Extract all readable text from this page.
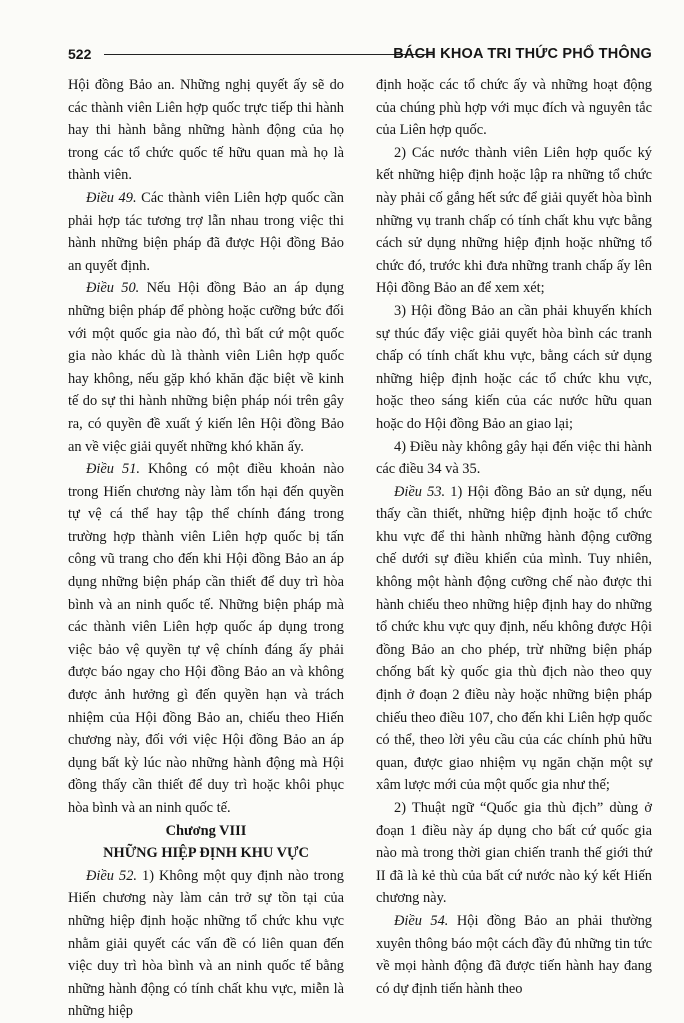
522	BÁCH KHOA TRI THỨC PHỔ THÔNG

Hội đồng Bảo an. Những nghị quyết ấy sẽ do các thành viên Liên hợp quốc trực tiếp thi hành hay thi hành bằng những hành động của họ trong các tổ chức quốc tế hữu quan mà họ là thành viên.

Điều 49. Các thành viên Liên hợp quốc cần phải hợp tác tương trợ lẫn nhau trong việc thi hành những biện pháp đã được Hội đồng Bảo an quyết định.

Điều 50. Nếu Hội đồng Bảo an áp dụng những biện pháp để phòng hoặc cưỡng bức đối với một quốc gia nào đó, thì bất cứ một quốc gia nào khác dù là thành viên Liên hợp quốc hay không, nếu gặp khó khăn đặc biệt về kinh tế do sự thi hành những biện pháp nói trên gây ra, có quyền đề xuất ý kiến lên Hội đồng Bảo an về việc giải quyết những khó khăn ấy.

Điều 51. Không có một điều khoản nào trong Hiến chương này làm tổn hại đến quyền tự vệ cá thể hay tập thể chính đáng trong trường hợp thành viên Liên hợp quốc bị tấn công vũ trang cho đến khi Hội đồng Bảo an áp dụng những biện pháp cần thiết để duy trì hòa bình và an ninh quốc tế. Những biện pháp mà các thành viên Liên hợp quốc áp dụng trong việc bảo vệ quyền tự vệ chính đáng ấy phải được báo ngay cho Hội đồng Bảo an và không được ảnh hưởng gì đến quyền hạn và trách nhiệm của Hội đồng Bảo an, chiếu theo Hiến chương này, đối với việc Hội đồng Bảo an áp dụng bất kỳ lúc nào những hành động mà Hội đồng thấy cần thiết để duy trì hoặc khôi phục hòa bình và an ninh quốc tế.

Chương VIII

NHỮNG HIỆP ĐỊNH KHU VỰC

Điều 52. 1) Không một quy định nào trong Hiến chương này làm cản trở sự tồn tại của những hiệp định hoặc những tổ chức khu vực nhằm giải quyết các vấn đề có liên quan đến việc duy trì hòa bình và an ninh quốc tế bằng những hành động có tính chất khu vực, miễn là những hiệp

định hoặc các tổ chức ấy và những hoạt động của chúng phù hợp với mục đích và nguyên tắc của Liên hợp quốc.

2) Các nước thành viên Liên hợp quốc ký kết những hiệp định hoặc lập ra những tổ chức này phải cố gắng hết sức để giải quyết hòa bình những vụ tranh chấp có tính chất khu vực bằng cách sử dụng những hiệp định hoặc những tổ chức đó, trước khi đưa những tranh chấp ấy lên Hội đồng Bảo an để xem xét;

3) Hội đồng Bảo an cần phải khuyến khích sự thúc đẩy việc giải quyết hòa bình các tranh chấp có tính chất khu vực, bằng cách sử dụng những hiệp định hoặc các tổ chức khu vực, hoặc theo sáng kiến của các nước hữu quan hoặc do Hội đồng Bảo an giao lại;

4) Điều này không gây hại đến việc thi hành các điều 34 và 35.

Điều 53. 1) Hội đồng Bảo an sử dụng, nếu thấy cần thiết, những hiệp định hoặc tổ chức khu vực để thi hành những hành động cưỡng chế dưới sự điều khiển của mình. Tuy nhiên, không một hành động cưỡng chế nào được thi hành chiếu theo những hiệp định hay do những tổ chức khu vực quy định, nếu không được Hội đồng Bảo an cho phép, trừ những biện pháp chống bất kỳ quốc gia thù địch nào theo quy định ở đoạn 2 điều này hoặc những biện pháp chiếu theo điều 107, cho đến khi Liên hợp quốc có thể, theo lời yêu cầu của các chính phủ hữu quan, được giao nhiệm vụ ngăn chặn một sự xâm lược mới của một quốc gia như thế;

2) Thuật ngữ “Quốc gia thù địch” dùng ở đoạn 1 điều này áp dụng cho bất cứ quốc gia nào mà trong thời gian chiến tranh thế giới thứ II đã là kẻ thù của bất cứ nước nào ký kết Hiến chương này.

Điều 54. Hội đồng Bảo an phải thường xuyên thông báo một cách đầy đủ những tin tức về mọi hành động đã được tiến hành hay đang có dự định tiến hành theo
